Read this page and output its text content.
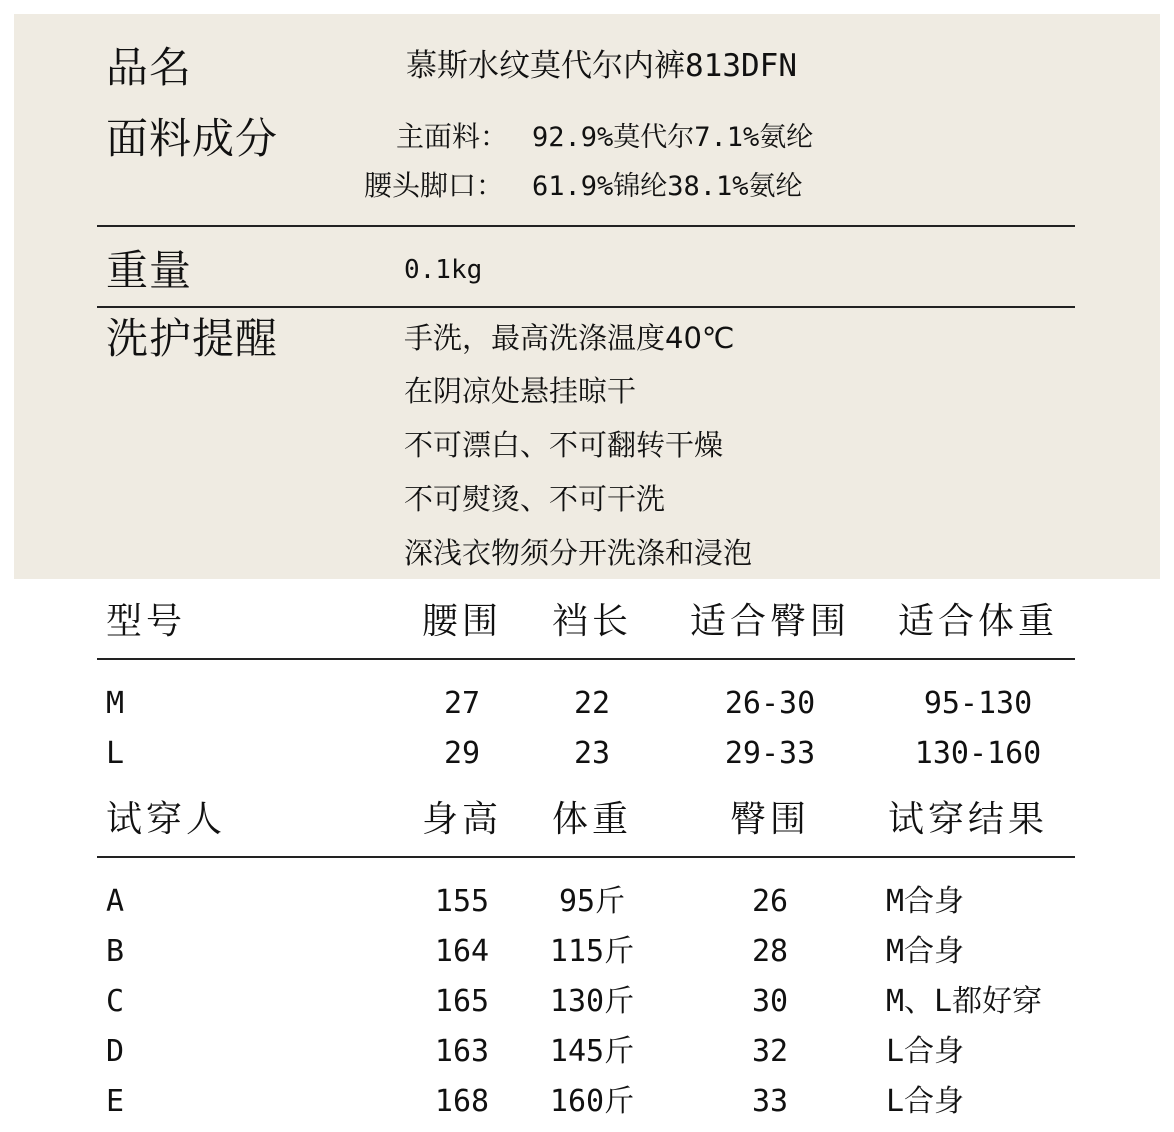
品名	慕斯水纹莫代尔内裤813DFN
面料成分	主面料： 92.9%莫代尔7.1%氨纶
腰头脚口： 61.9%锦纶38.1%氨纶
重量	0.1kg
洗护提醒	手洗，最高洗涤温度40℃
在阴凉处悬挂晾干
不可漂白、不可翻转干燥
不可熨烫、不可干洗
深浅衣物须分开洗涤和浸泡
型号	腰围	裆长	适合臀围 适合体重
M	27	22	26-30	95-130
L	29	23	29-33	130-160
试穿人	身高	体重	臀围	试穿结果
A	155	95斤	26	M合身
B	164	115斤	28	M合身
C	165	130斤	30	M、L都好穿
D	163	145斤	32	L合身
E	168	160斤	33	L合身
